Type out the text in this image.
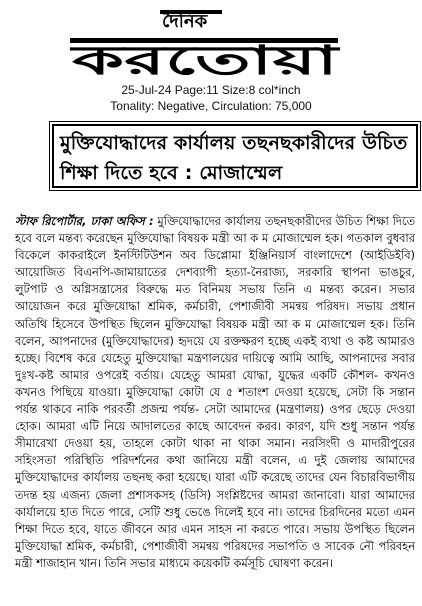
দৈনিক
করতোয়া
25-Jul-24 Page:11 Size:8 col*inch
Tonality: Negative, Circulation: 75,000
মুক্তিযোদ্ধাদের কার্যালয় তছনছকারীদের উচিত শিক্ষা দিতে হবে : মোজাম্মেল
স্টাফ রিপোর্টার, ঢাকা অফিস : মুক্তিযোদ্ধাদের কার্যালয় তছনছকারীদের উচিত শিক্ষা দিতে হবে বলে মন্তব্য করেছেন মুক্তিযোদ্ধা বিষয়ক মন্ত্রী আ ক ম মোজাম্মেল হক। গতকাল বুধবার বিকেলে কাকরাইলে ইনস্টিটিউশন অব ডিপ্লোমা ইঞ্জিনিয়ার্স বাংলাদেশে (আইডিইবি) আয়োজিত বিএনপি-জামায়াতের দেশব্যাপী হত্যা-নৈরাজ্য, সরকারি স্থাপনা ভাঙচুর, লুটপাট ও অগ্নিসন্ত্রাসের বিরুদ্ধে মত বিনিময় সভায় তিনি এ মন্তব্য করেন। সভার আয়োজন করে মুক্তিযোদ্ধা শ্রমিক, কর্মচারী, পেশাজীবী সমন্বয় পরিষদ। সভায় প্রধান অতিথি হিসেবে উপস্থিত ছিলেন মুক্তিযোদ্ধা বিষয়ক মন্ত্রী আ ক ম মোজাম্মেল হক। তিনি বলেন, আপনাদের (মুক্তিযোদ্ধাদের) হৃদয়ে যে রক্তক্ষরণ হচ্ছে একই ব্যথা ও কষ্ট আমারও হচ্ছে। বিশেষ করে যেহেতু মুক্তিযোদ্ধা মন্ত্রণালয়ের দায়িত্বে আমি আছি, আপনাদের সবার দুঃখ-কষ্ট আমার ওপরেই বর্তায়। যেহেতু আমরা যোদ্ধা, যুদ্ধের একটি কৌশল- কখনও কখনও পিছিয়ে যাওয়া। মুক্তিযোদ্ধা কোটা যে ৫ শতাংশ দেওয়া হয়েছে, সেটা কি সন্তান পর্যন্ত থাকবে নাকি পরবর্তী প্রজন্ম পর্যন্ত- সেটা আমাদের (মন্ত্রণালয়) ওপর ছেড়ে দেওয়া হোক। আমরা এটি নিয়ে আদালতের কাছে আবেদন করব। কারণ, যদি শুধু সন্তান পর্যন্ত সীমারেখা দেওয়া হয়, তাহলে কোটা থাকা না থাকা সমান। নরসিংদী ও মাদারীপুরের সহিংসতা পরিস্থিতি পরিদর্শনের কথা জানিয়ে মন্ত্রী বলেন, এ দুই জেলায় আমাদের মুক্তিযোদ্ধাদের কার্যালয় তছনছ করা হয়েছে। যারা এটি করেছে তাদের যেন বিচারবিভাগীয় তদন্ত হয় এজন্য জেলা প্রশাসকসহ (ডিসি) সংশ্লিষ্টদের আমরা জানাবো। যারা আমাদের কার্যালয়ে হাত দিতে পারে, সেটি শুধু ভেঙে দিলেই হবে না। তাদের চিরদিনের মতো এমন শিক্ষা দিতে হবে, যাতে জীবনে আর এমন সাহস না করতে পারে। সভায় উপস্থিত ছিলেন মুক্তিযোদ্ধা শ্রমিক, কর্মচারী, পেশাজীবী সমন্বয় পরিষদের সভাপতি ও সাবেক নৌ পরিবহন মন্ত্রী শাজাহান খান। তিনি সভার মাধ্যমে কয়েকটি কর্মসূচি ঘোষণা করেন।
